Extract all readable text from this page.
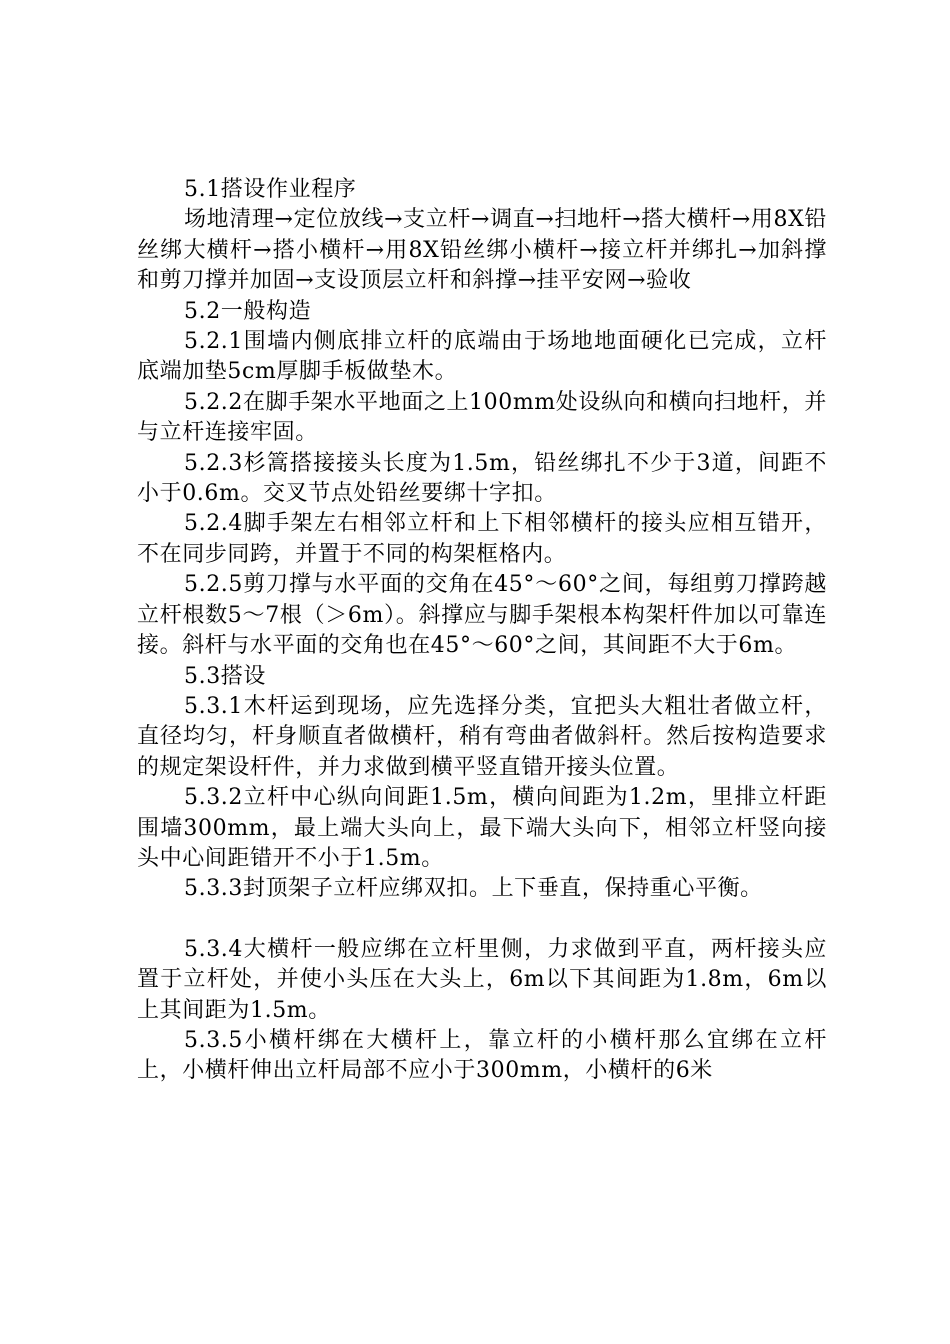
5.1搭设作业程序

场地清理→定位放线→支立杆→调直→扫地杆→搭大横杆→用8X铅丝绑大横杆→搭小横杆→用8X铅丝绑小横杆→接立杆并绑扎→加斜撑和剪刀撑并加固→支设顶层立杆和斜撑→挂平安网→验收

5.2一般构造

5.2.1围墙内侧底排立杆的底端由于场地地面硬化已完成，立杆底端加垫5cm厚脚手板做垫木。

5.2.2在脚手架水平地面之上100mm处设纵向和横向扫地杆，并与立杆连接牢固。

5.2.3杉篙搭接接头长度为1.5m，铅丝绑扎不少于3道，间距不小于0.6m。交叉节点处铅丝要绑十字扣。

5.2.4脚手架左右相邻立杆和上下相邻横杆的接头应相互错开，不在同步同跨，并置于不同的构架框格内。

5.2.5剪刀撑与水平面的交角在45°～60°之间，每组剪刀撑跨越立杆根数5～7根（＞6m）。斜撑应与脚手架根本构架杆件加以可靠连接。斜杆与水平面的交角也在45°～60°之间，其间距不大于6m。

5.3搭设

5.3.1木杆运到现场，应先选择分类，宜把头大粗壮者做立杆，直径均匀，杆身顺直者做横杆，稍有弯曲者做斜杆。然后按构造要求的规定架设杆件，并力求做到横平竖直错开接头位置。

5.3.2立杆中心纵向间距1.5m，横向间距为1.2m，里排立杆距围墙300mm，最上端大头向上，最下端大头向下，相邻立杆竖向接头中心间距错开不小于1.5m。

5.3.3封顶架子立杆应绑双扣。上下垂直，保持重心平衡。

5.3.4大横杆一般应绑在立杆里侧，力求做到平直，两杆接头应置于立杆处，并使小头压在大头上，6m以下其间距为1.8m，6m以上其间距为1.5m。

5.3.5小横杆绑在大横杆上，靠立杆的小横杆那么宜绑在立杆上，小横杆伸出立杆局部不应小于300mm，小横杆的6米
